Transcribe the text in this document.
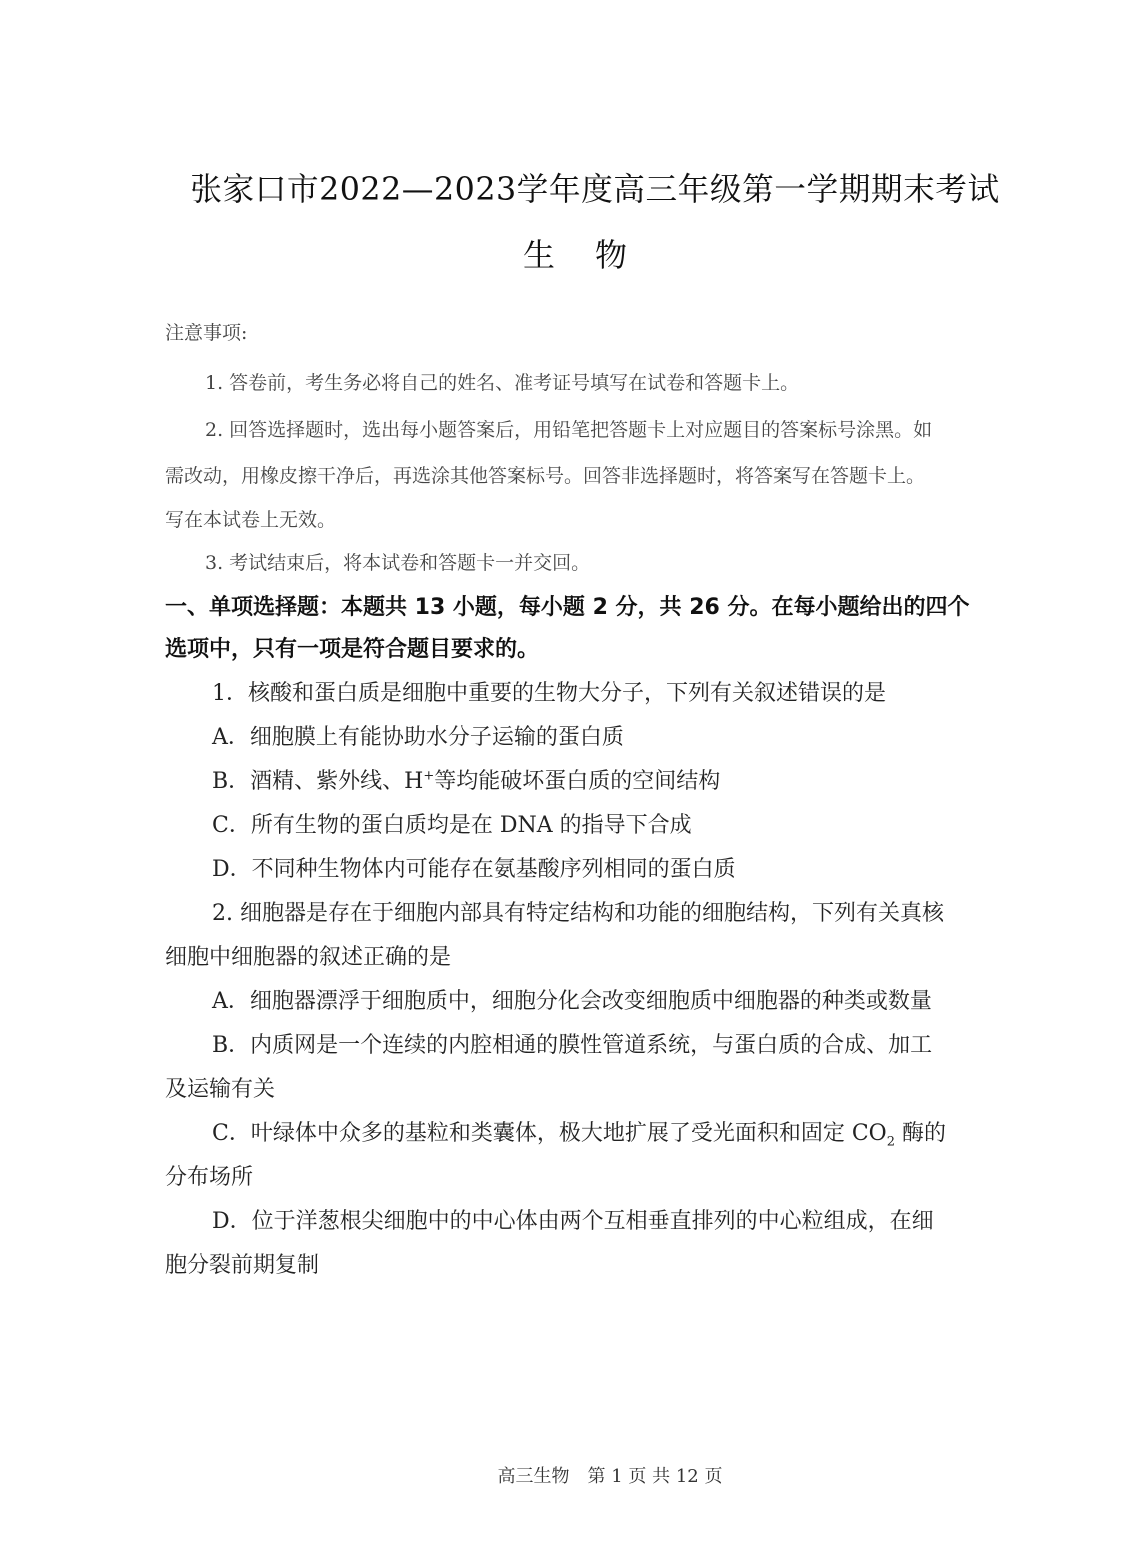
张家口市2022—2023学年度高三年级第一学期期末考试
生物
注意事项:
1. 答卷前，考生务必将自己的姓名、准考证号填写在试卷和答题卡上。
2. 回答选择题时，选出每小题答案后，用铅笔把答题卡上对应题目的答案标号涂黑。如
需改动，用橡皮擦干净后，再选涂其他答案标号。回答非选择题时，将答案写在答题卡上。
写在本试卷上无效。
3. 考试结束后，将本试卷和答题卡一并交回。
一、单项选择题：本题共 13 小题，每小题 2 分，共 26 分。在每小题给出的四个
选项中，只有一项是符合题目要求的。
1．核酸和蛋白质是细胞中重要的生物大分子，下列有关叙述错误的是
A．细胞膜上有能协助水分子运输的蛋白质
B．酒精、紫外线、H+等均能破坏蛋白质的空间结构
C．所有生物的蛋白质均是在 DNA 的指导下合成
D．不同种生物体内可能存在氨基酸序列相同的蛋白质
2. 细胞器是存在于细胞内部具有特定结构和功能的细胞结构，下列有关真核
细胞中细胞器的叙述正确的是
A．细胞器漂浮于细胞质中，细胞分化会改变细胞质中细胞器的种类或数量
B．内质网是一个连续的内腔相通的膜性管道系统，与蛋白质的合成、加工
及运输有关
C．叶绿体中众多的基粒和类囊体，极大地扩展了受光面积和固定 $CO_2$ 酶的
分布场所
D．位于洋葱根尖细胞中的中心体由两个互相垂直排列的中心粒组成，在细
胞分裂前期复制
高三生物　第 1 页 共 12 页
